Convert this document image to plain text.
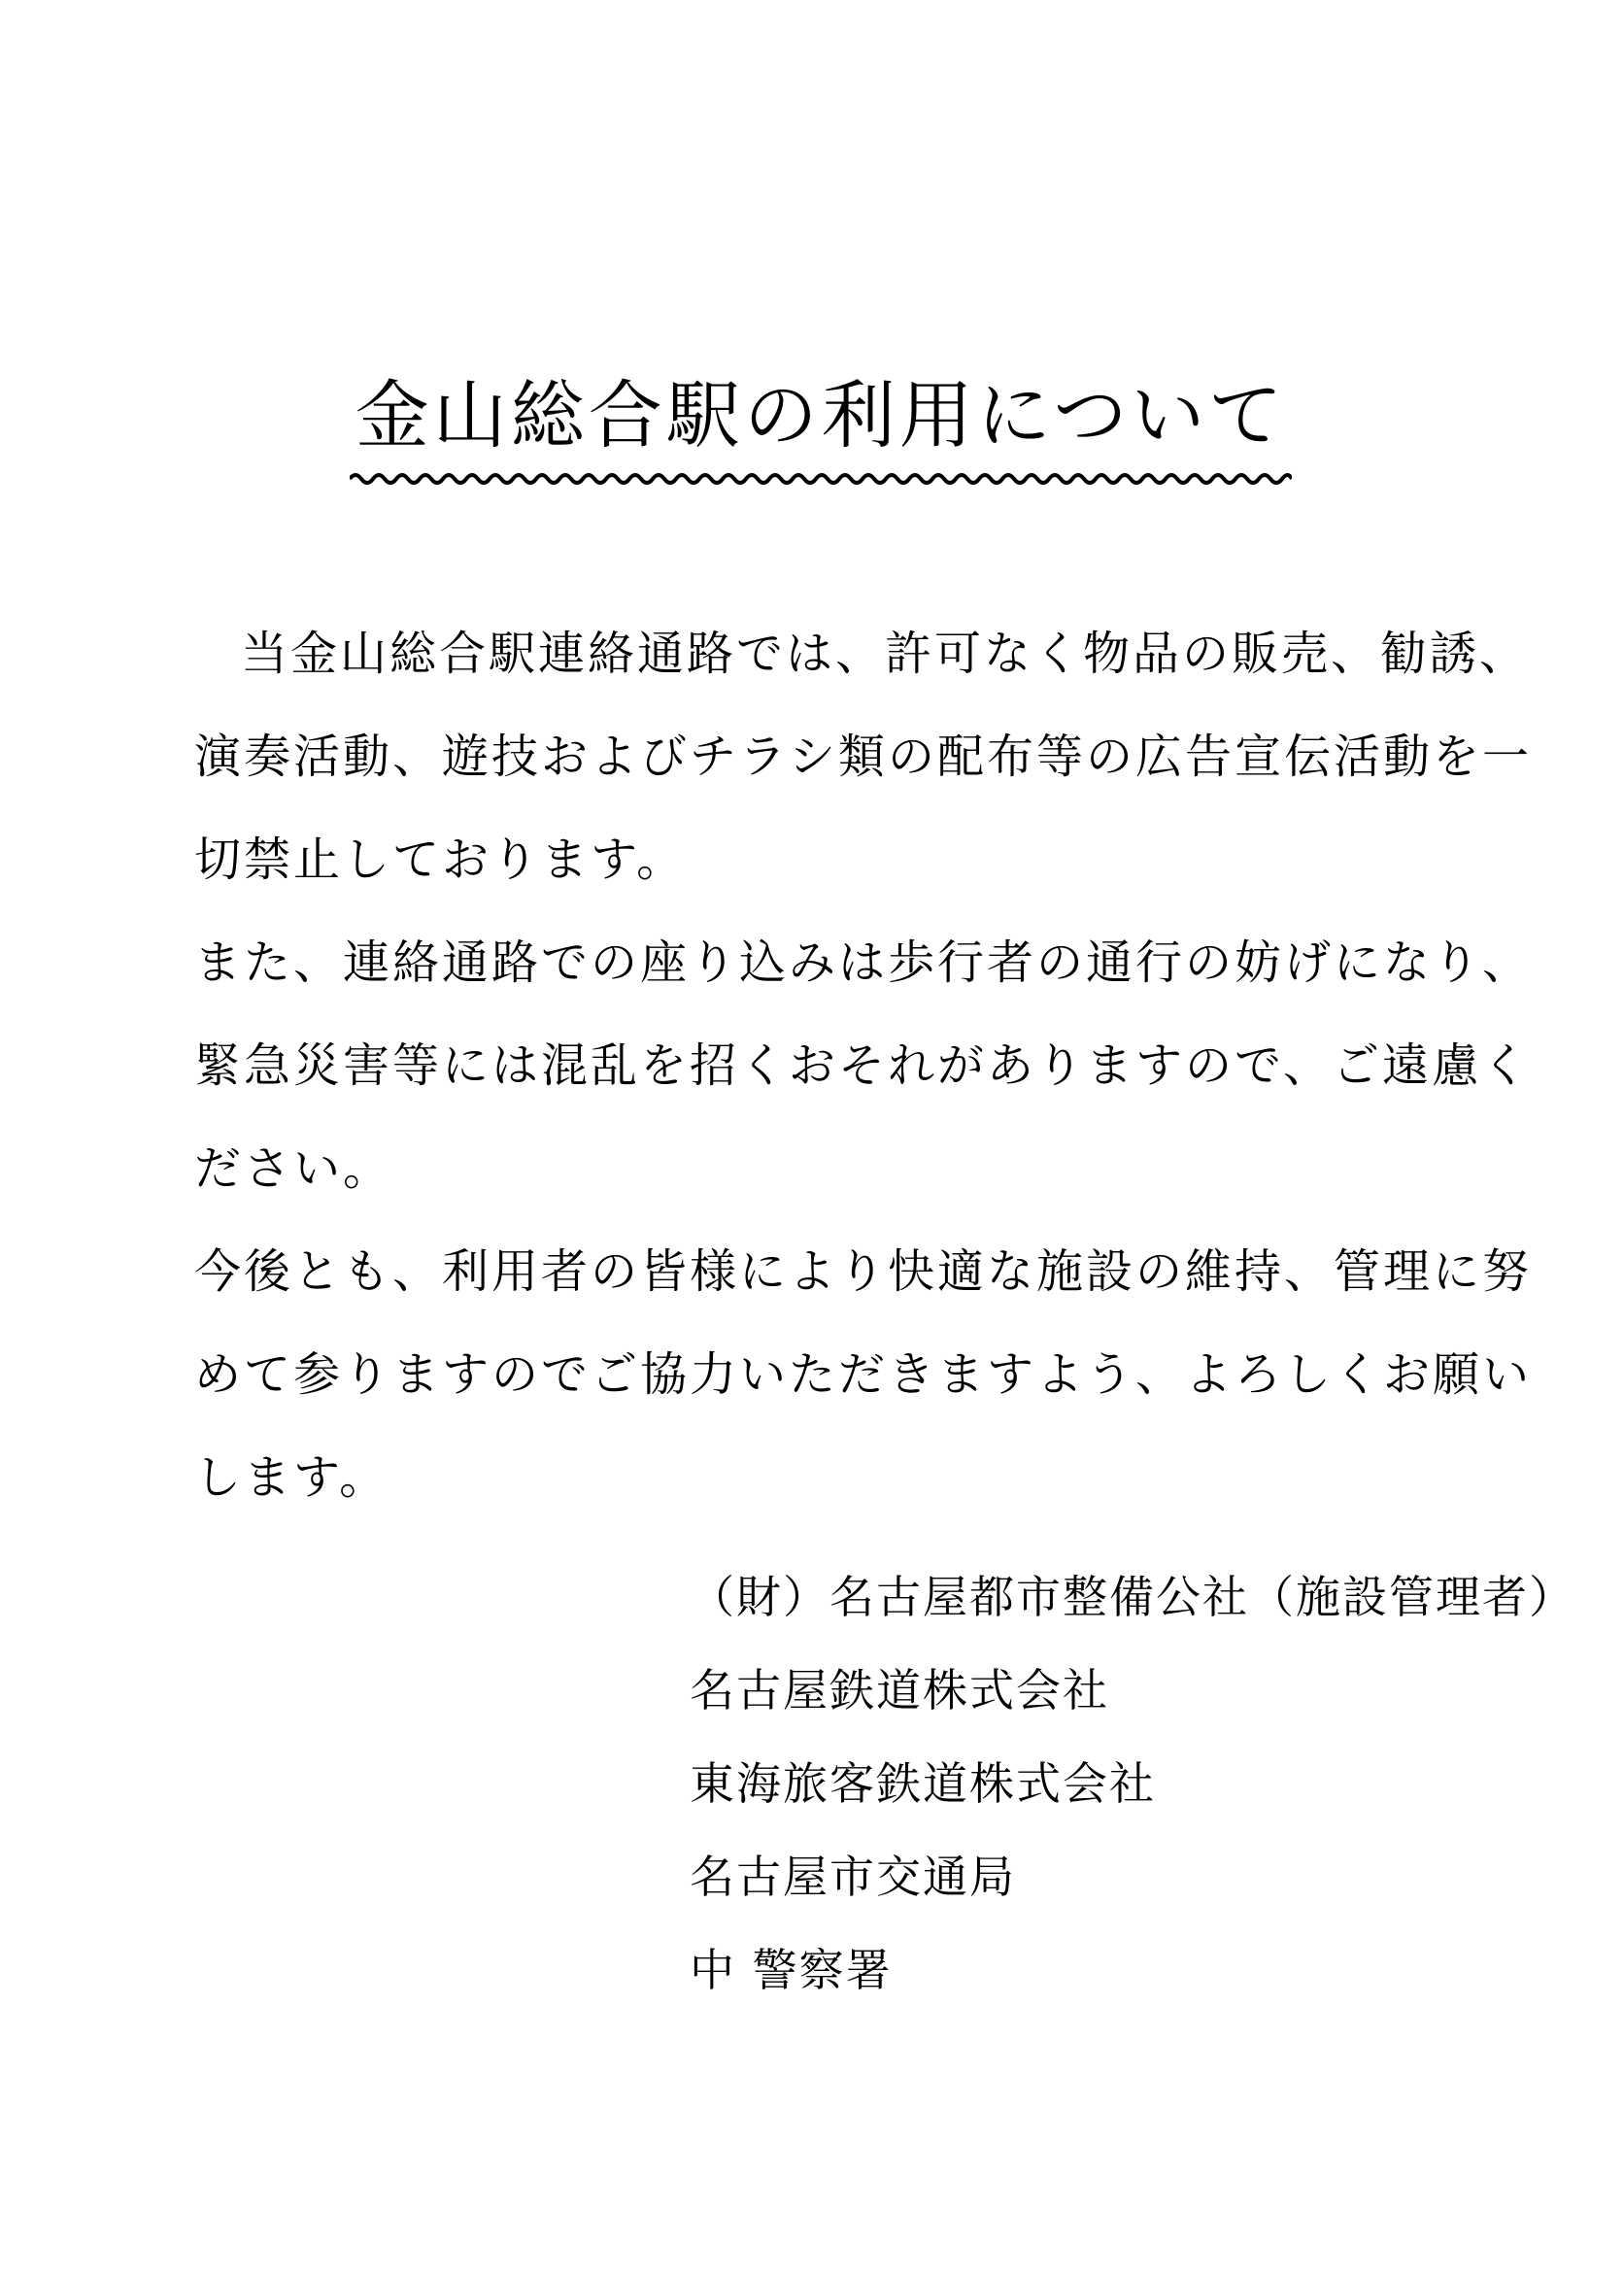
金山総合駅の利用について
当金山総合駅連絡通路では、許可なく物品の販売、勧誘、
演奏活動、遊技およびチラシ類の配布等の広告宣伝活動を一
切禁止しております。
また、連絡通路での座り込みは歩行者の通行の妨げになり、
緊急災害等には混乱を招くおそれがありますので、ご遠慮く
ださい。
今後とも、利用者の皆様により快適な施設の維持、管理に努
めて参りますのでご協力いただきますよう、よろしくお願い
します。
（財）名古屋都市整備公社（施設管理者）
名古屋鉄道株式会社
東海旅客鉄道株式会社
名古屋市交通局
中 警察署
